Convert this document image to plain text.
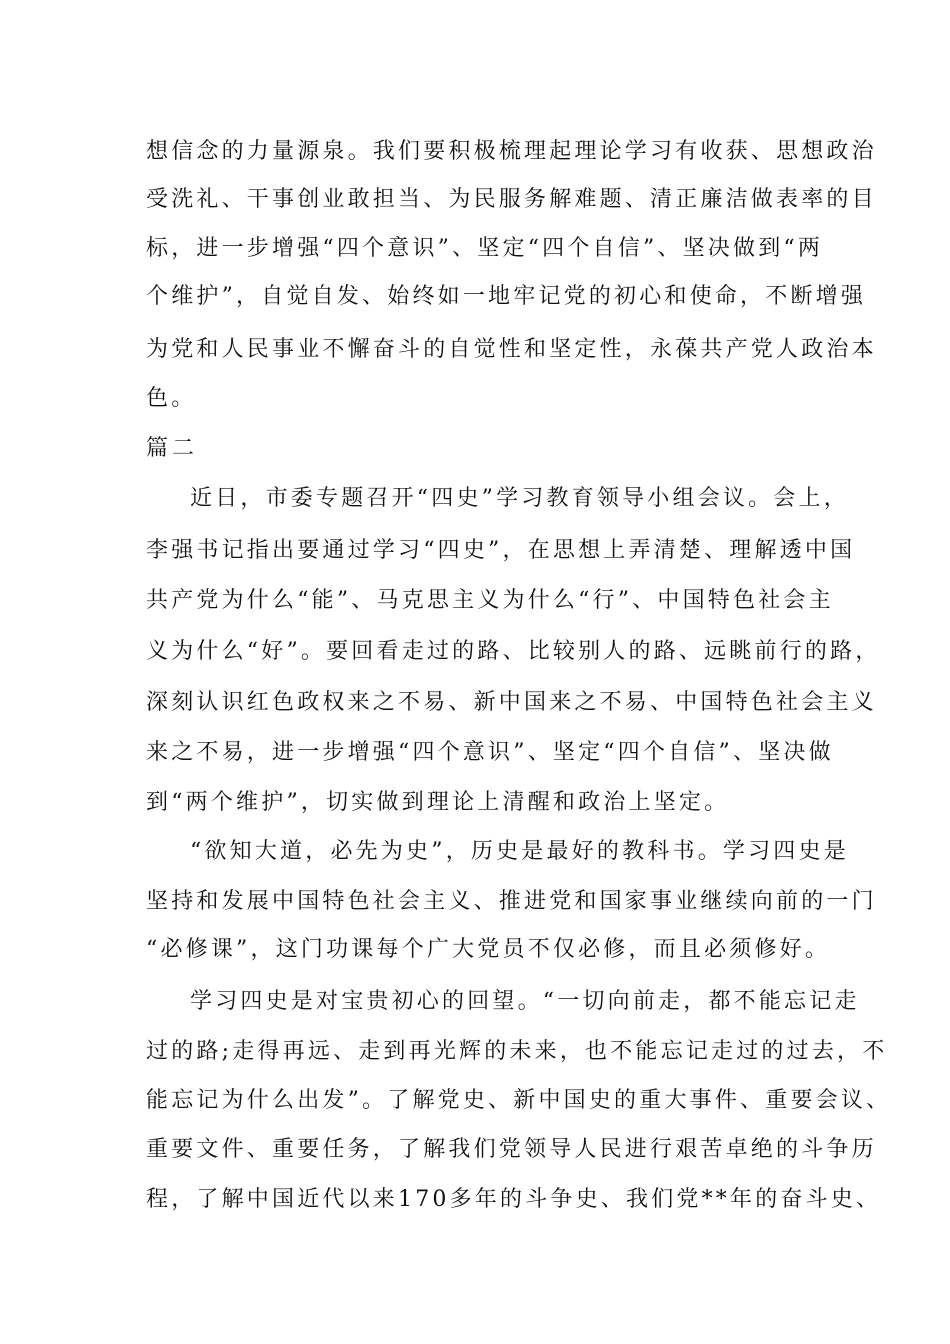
想信念的力量源泉。我们要积极梳理起理论学习有收获、思想政治
受洗礼、干事创业敢担当、为民服务解难题、清正廉洁做表率的目
标，进一步增强“四个意识”、坚定“四个自信”、坚决做到“两
个维护”，自觉自发、始终如一地牢记党的初心和使命，不断增强
为党和人民事业不懈奋斗的自觉性和坚定性，永葆共产党人政治本
色。
篇二
近日，市委专题召开“四史”学习教育领导小组会议。会上，
李强书记指出要通过学习“四史”，在思想上弄清楚、理解透中国
共产党为什么“能”、马克思主义为什么“行”、中国特色社会主
义为什么“好”。要回看走过的路、比较别人的路、远眺前行的路，
深刻认识红色政权来之不易、新中国来之不易、中国特色社会主义
来之不易，进一步增强“四个意识”、坚定“四个自信”、坚决做
到“两个维护”，切实做到理论上清醒和政治上坚定。
“欲知大道，必先为史”，历史是最好的教科书。学习四史是
坚持和发展中国特色社会主义、推进党和国家事业继续向前的一门
“必修课”，这门功课每个广大党员不仅必修，而且必须修好。
学习四史是对宝贵初心的回望。“一切向前走，都不能忘记走
过的路;走得再远、走到再光辉的未来，也不能忘记走过的过去，不
能忘记为什么出发”。了解党史、新中国史的重大事件、重要会议、
重要文件、重要任务，了解我们党领导人民进行艰苦卓绝的斗争历
程，了解中国近代以来170多年的斗争史、我们党**年的奋斗史、
